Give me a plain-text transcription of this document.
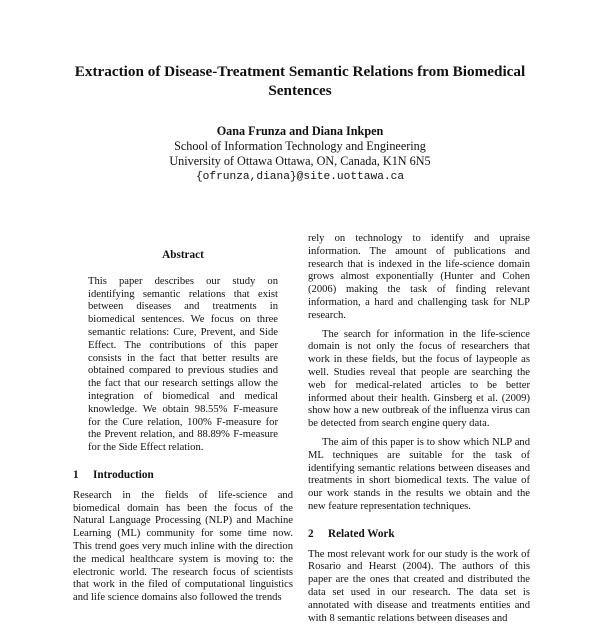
Extraction of Disease-Treatment Semantic Relations from Biomedical Sentences
Oana Frunza and Diana Inkpen
School of Information Technology and Engineering
University of Ottawa Ottawa, ON, Canada, K1N 6N5
{ofrunza,diana}@site.uottawa.ca
Abstract

This paper describes our study on identifying semantic relations that exist between diseases and treatments in biomedical sentences. We focus on three semantic relations: Cure, Prevent, and Side Effect. The contributions of this paper consists in the fact that better results are obtained compared to previous studies and the fact that our research settings allow the integration of biomedical and medical knowledge. We obtain 98.55% F-measure for the Cure relation, 100% F-measure for the Prevent relation, and 88.89% F-measure for the Side Effect relation.

1 Introduction

Research in the fields of life-science and biomedical domain has been the focus of the Natural Language Processing (NLP) and Machine Learning (ML) community for some time now. This trend goes very much inline with the direction the medical healthcare system is moving to: the electronic world. The research focus of scientists that work in the filed of computational linguistics and life science domains also followed the trends

rely on technology to identify and upraise information. The amount of publications and research that is indexed in the life-science domain grows almost exponentially (Hunter and Cohen (2006) making the task of finding relevant information, a hard and challenging task for NLP research.

The search for information in the life-science domain is not only the focus of researchers that work in these fields, but the focus of laypeople as well. Studies reveal that people are searching the web for medical-related articles to be better informed about their health. Ginsberg et al. (2009) show how a new outbreak of the influenza virus can be detected from search engine query data.

The aim of this paper is to show which NLP and ML techniques are suitable for the task of identifying semantic relations between diseases and treatments in short biomedical texts. The value of our work stands in the results we obtain and the new feature representation techniques.

2 Related Work

The most relevant work for our study is the work of Rosario and Hearst (2004). The authors of this paper are the ones that created and distributed the data set used in our research. The data set is annotated with disease and treatments entities and with 8 semantic relations between diseases and
